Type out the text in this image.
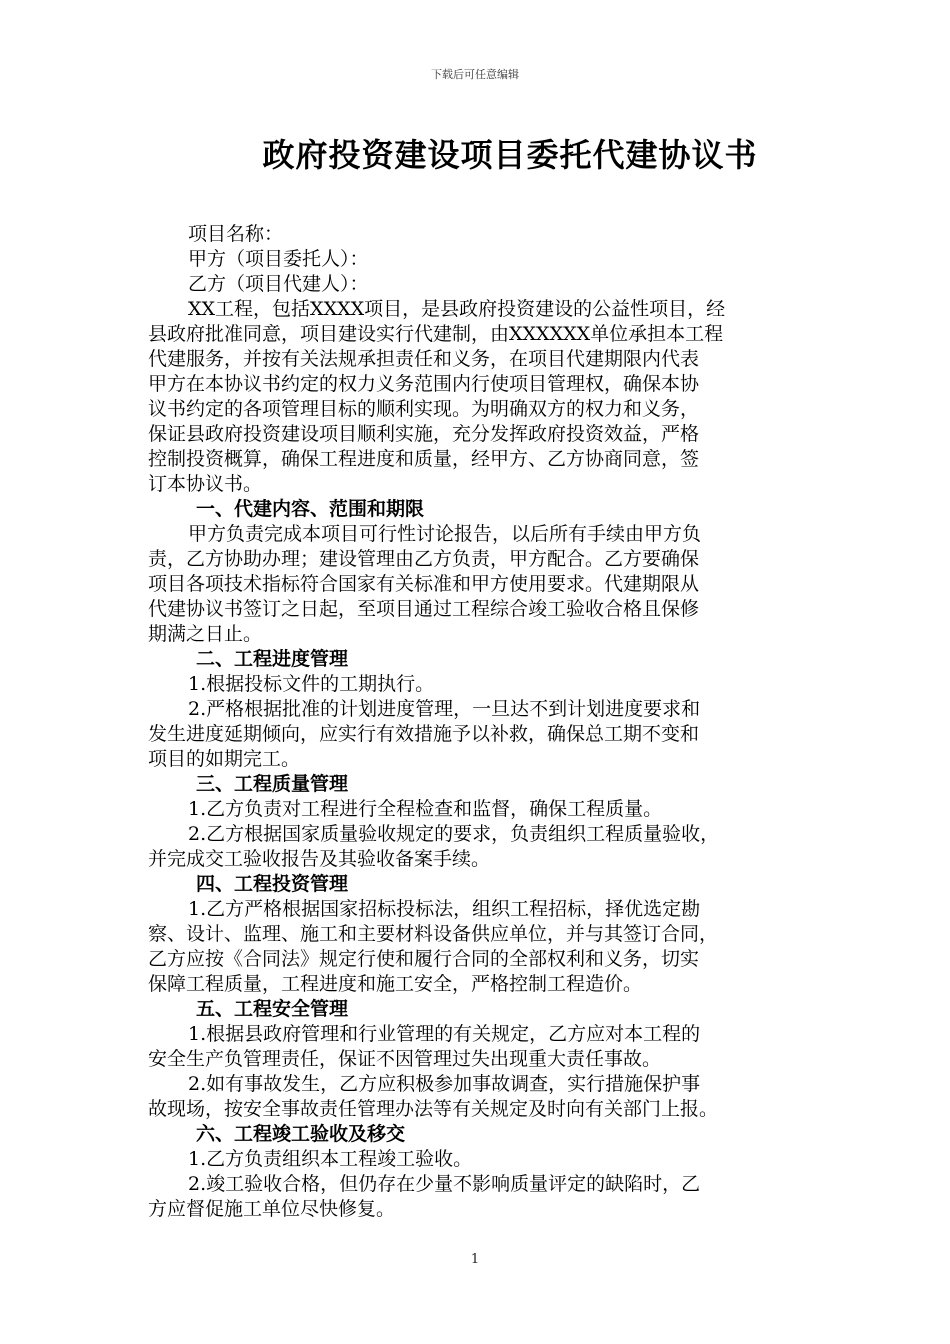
下载后可任意编辑
政府投资建设项目委托代建协议书
项目名称：
甲方（项目委托人）：
乙方（项目代建人）：
XX工程，包括XXXX项目，是县政府投资建设的公益性项目，经
县政府批准同意，项目建设实行代建制，由XXXXXX单位承担本工程
代建服务，并按有关法规承担责任和义务，在项目代建期限内代表
甲方在本协议书约定的权力义务范围内行使项目管理权，确保本协
议书约定的各项管理目标的顺利实现。为明确双方的权力和义务，
保证县政府投资建设项目顺利实施，充分发挥政府投资效益，严格
控制投资概算，确保工程进度和质量，经甲方、乙方协商同意，签
订本协议书。
一、代建内容、范围和期限
甲方负责完成本项目可行性讨论报告，以后所有手续由甲方负
责，乙方协助办理；建设管理由乙方负责，甲方配合。乙方要确保
项目各项技术指标符合国家有关标准和甲方使用要求。代建期限从
代建协议书签订之日起，至项目通过工程综合竣工验收合格且保修
期满之日止。
二、工程进度管理
1.根据投标文件的工期执行。
2.严格根据批准的计划进度管理，一旦达不到计划进度要求和
发生进度延期倾向，应实行有效措施予以补救，确保总工期不变和
项目的如期完工。
三、工程质量管理
1.乙方负责对工程进行全程检查和监督，确保工程质量。
2.乙方根据国家质量验收规定的要求，负责组织工程质量验收，
并完成交工验收报告及其验收备案手续。
四、工程投资管理
1.乙方严格根据国家招标投标法，组织工程招标，择优选定勘
察、设计、监理、施工和主要材料设备供应单位，并与其签订合同，
乙方应按《合同法》规定行使和履行合同的全部权利和义务，切实
保障工程质量，工程进度和施工安全，严格控制工程造价。
五、工程安全管理
1.根据县政府管理和行业管理的有关规定，乙方应对本工程的
安全生产负管理责任，保证不因管理过失出现重大责任事故。
2.如有事故发生，乙方应积极参加事故调查，实行措施保护事
故现场，按安全事故责任管理办法等有关规定及时向有关部门上报。
六、工程竣工验收及移交
1.乙方负责组织本工程竣工验收。
2.竣工验收合格，但仍存在少量不影响质量评定的缺陷时，乙
方应督促施工单位尽快修复。
1
